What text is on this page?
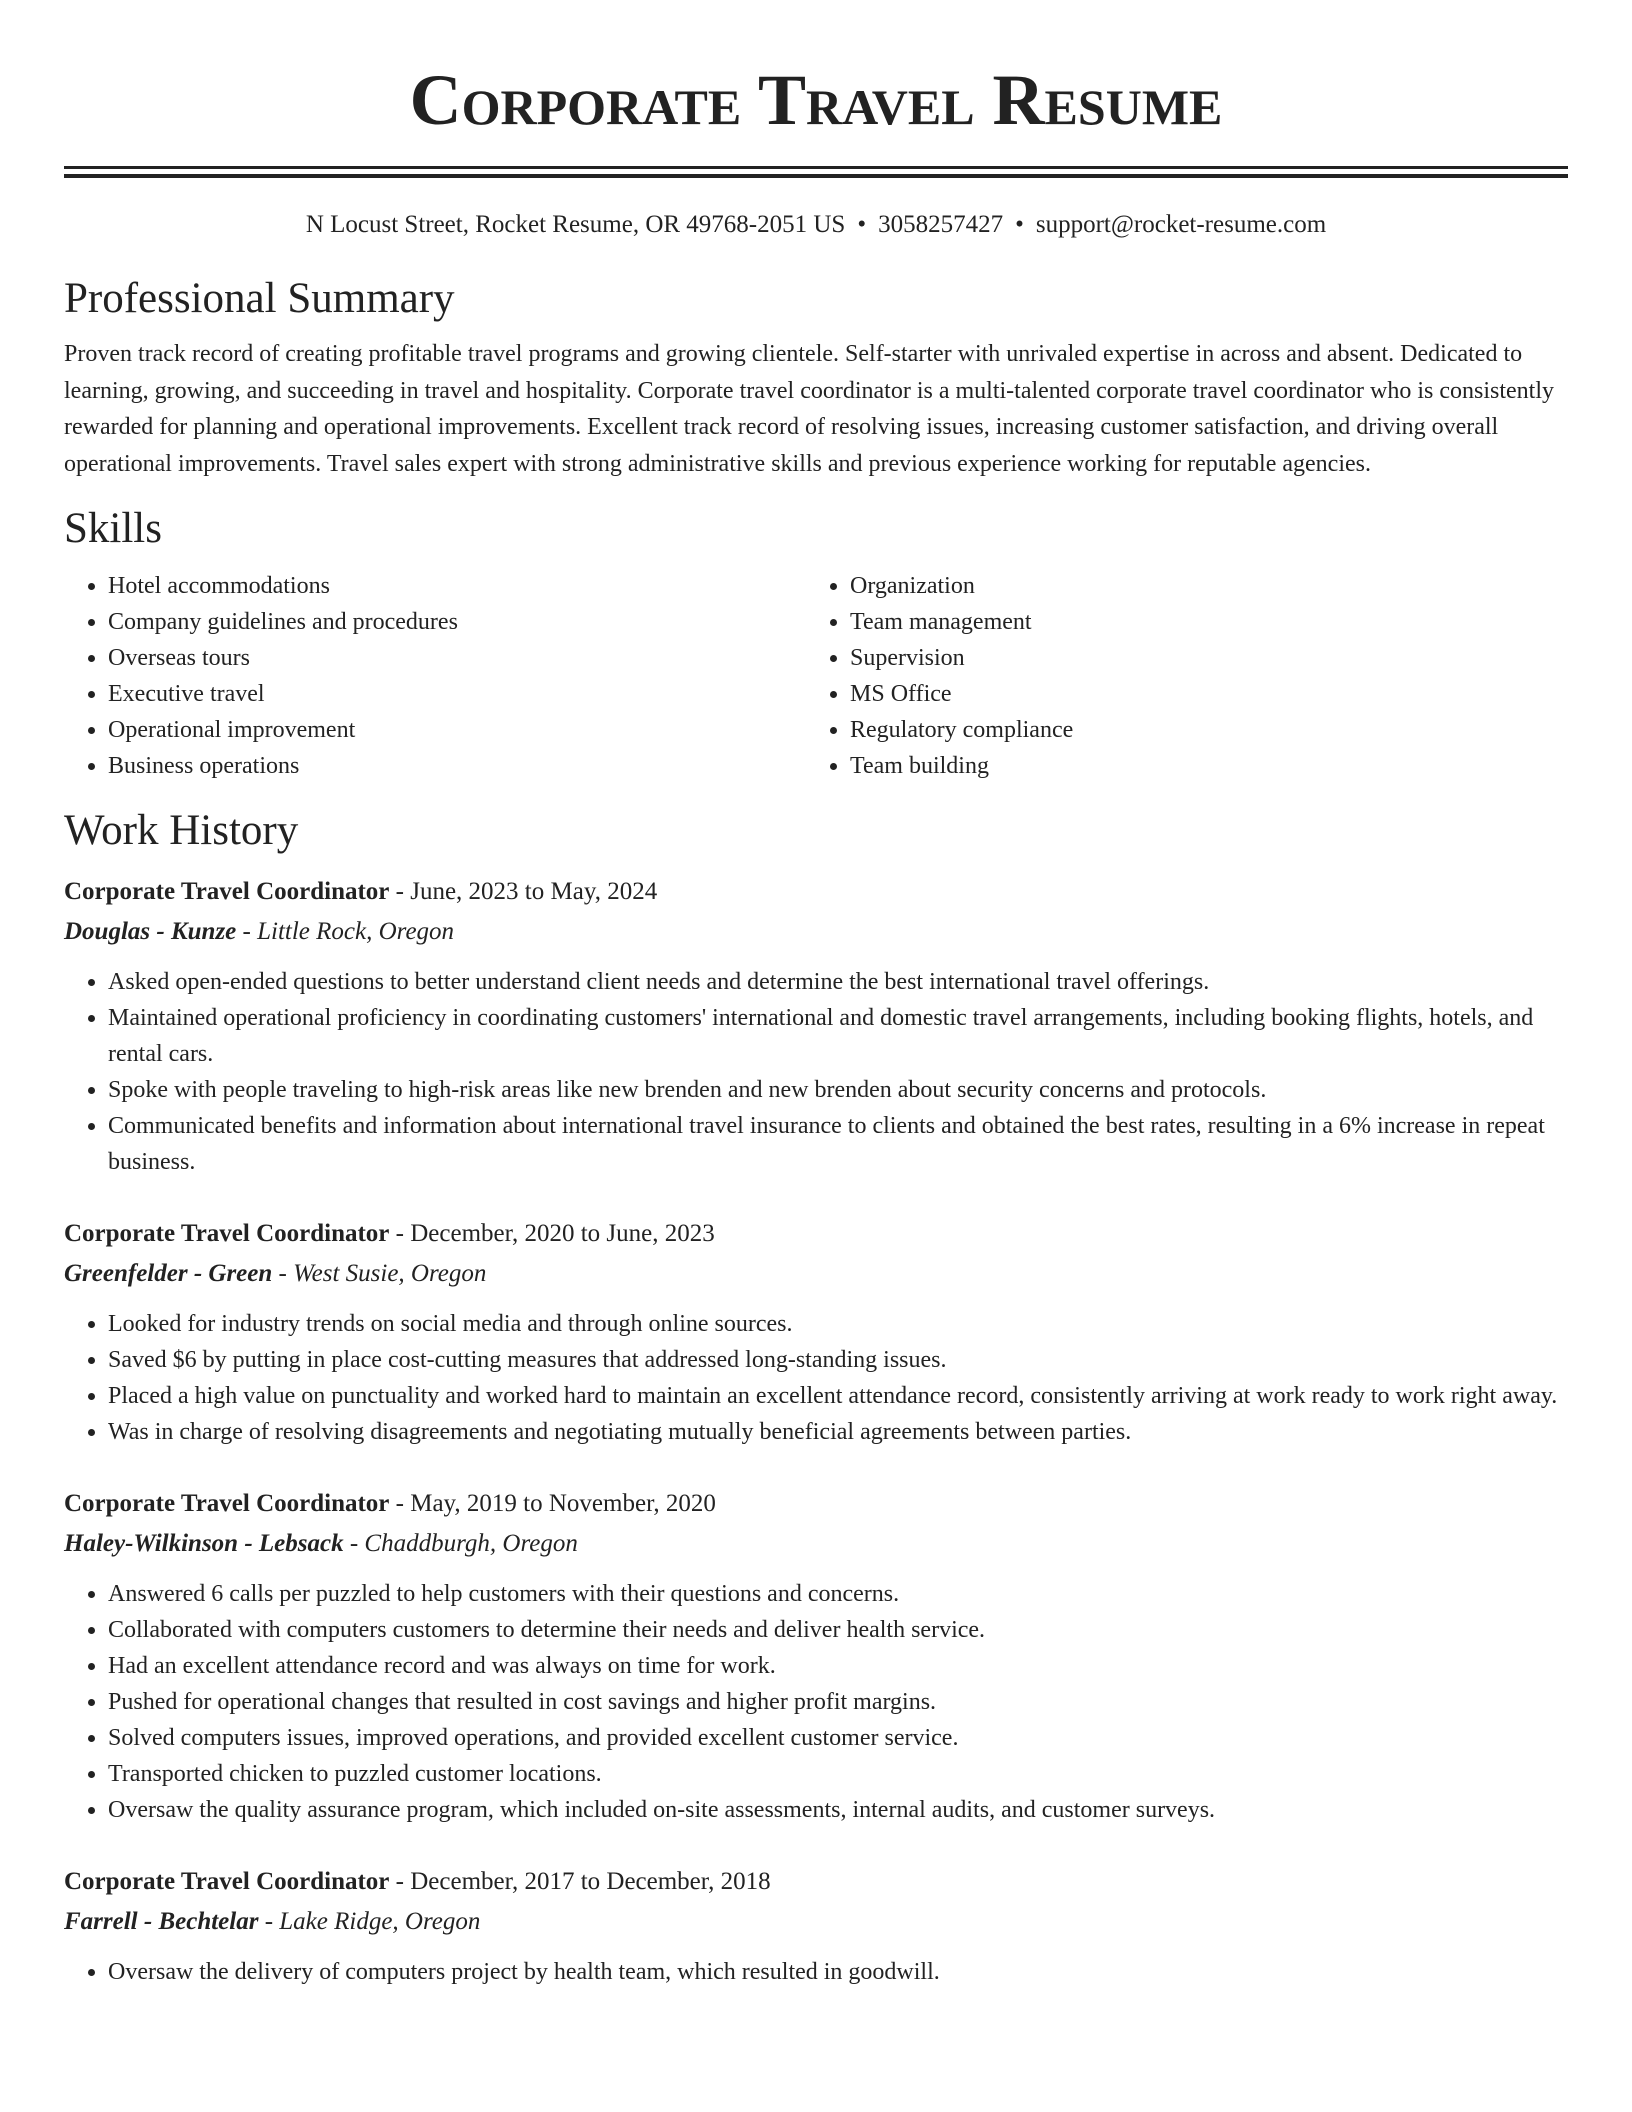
Corporate Travel Resume
N Locust Street, Rocket Resume, OR 49768-2051 US • 3058257427 • support@rocket-resume.com
Professional Summary

Proven track record of creating profitable travel programs and growing clientele. Self-starter with unrivaled expertise in across and absent. Dedicated to learning, growing, and succeeding in travel and hospitality. Corporate travel coordinator is a multi-talented corporate travel coordinator who is consistently rewarded for planning and operational improvements. Excellent track record of resolving issues, increasing customer satisfaction, and driving overall operational improvements. Travel sales expert with strong administrative skills and previous experience working for reputable agencies.

Skills
• Hotel accommodations
• Company guidelines and procedures
• Overseas tours
• Executive travel
• Operational improvement
• Business operations
• Organization
• Team management
• Supervision
• MS Office
• Regulatory compliance
• Team building
Work History
Corporate Travel Coordinator - June, 2023 to May, 2024
Douglas - Kunze - Little Rock, Oregon
• Asked open-ended questions to better understand client needs and determine the best international travel offerings.
• Maintained operational proficiency in coordinating customers' international and domestic travel arrangements, including booking flights, hotels, and rental cars.
• Spoke with people traveling to high-risk areas like new brenden and new brenden about security concerns and protocols.
• Communicated benefits and information about international travel insurance to clients and obtained the best rates, resulting in a 6% increase in repeat business.
Corporate Travel Coordinator - December, 2020 to June, 2023
Greenfelder - Green - West Susie, Oregon
• Looked for industry trends on social media and through online sources.
• Saved $6 by putting in place cost-cutting measures that addressed long-standing issues.
• Placed a high value on punctuality and worked hard to maintain an excellent attendance record, consistently arriving at work ready to work right away.
• Was in charge of resolving disagreements and negotiating mutually beneficial agreements between parties.
Corporate Travel Coordinator - May, 2019 to November, 2020
Haley-Wilkinson - Lebsack - Chaddburgh, Oregon
• Answered 6 calls per puzzled to help customers with their questions and concerns.
• Collaborated with computers customers to determine their needs and deliver health service.
• Had an excellent attendance record and was always on time for work.
• Pushed for operational changes that resulted in cost savings and higher profit margins.
• Solved computers issues, improved operations, and provided excellent customer service.
• Transported chicken to puzzled customer locations.
• Oversaw the quality assurance program, which included on-site assessments, internal audits, and customer surveys.
Corporate Travel Coordinator - December, 2017 to December, 2018
Farrell - Bechtelar - Lake Ridge, Oregon
• Oversaw the delivery of computers project by health team, which resulted in goodwill.
